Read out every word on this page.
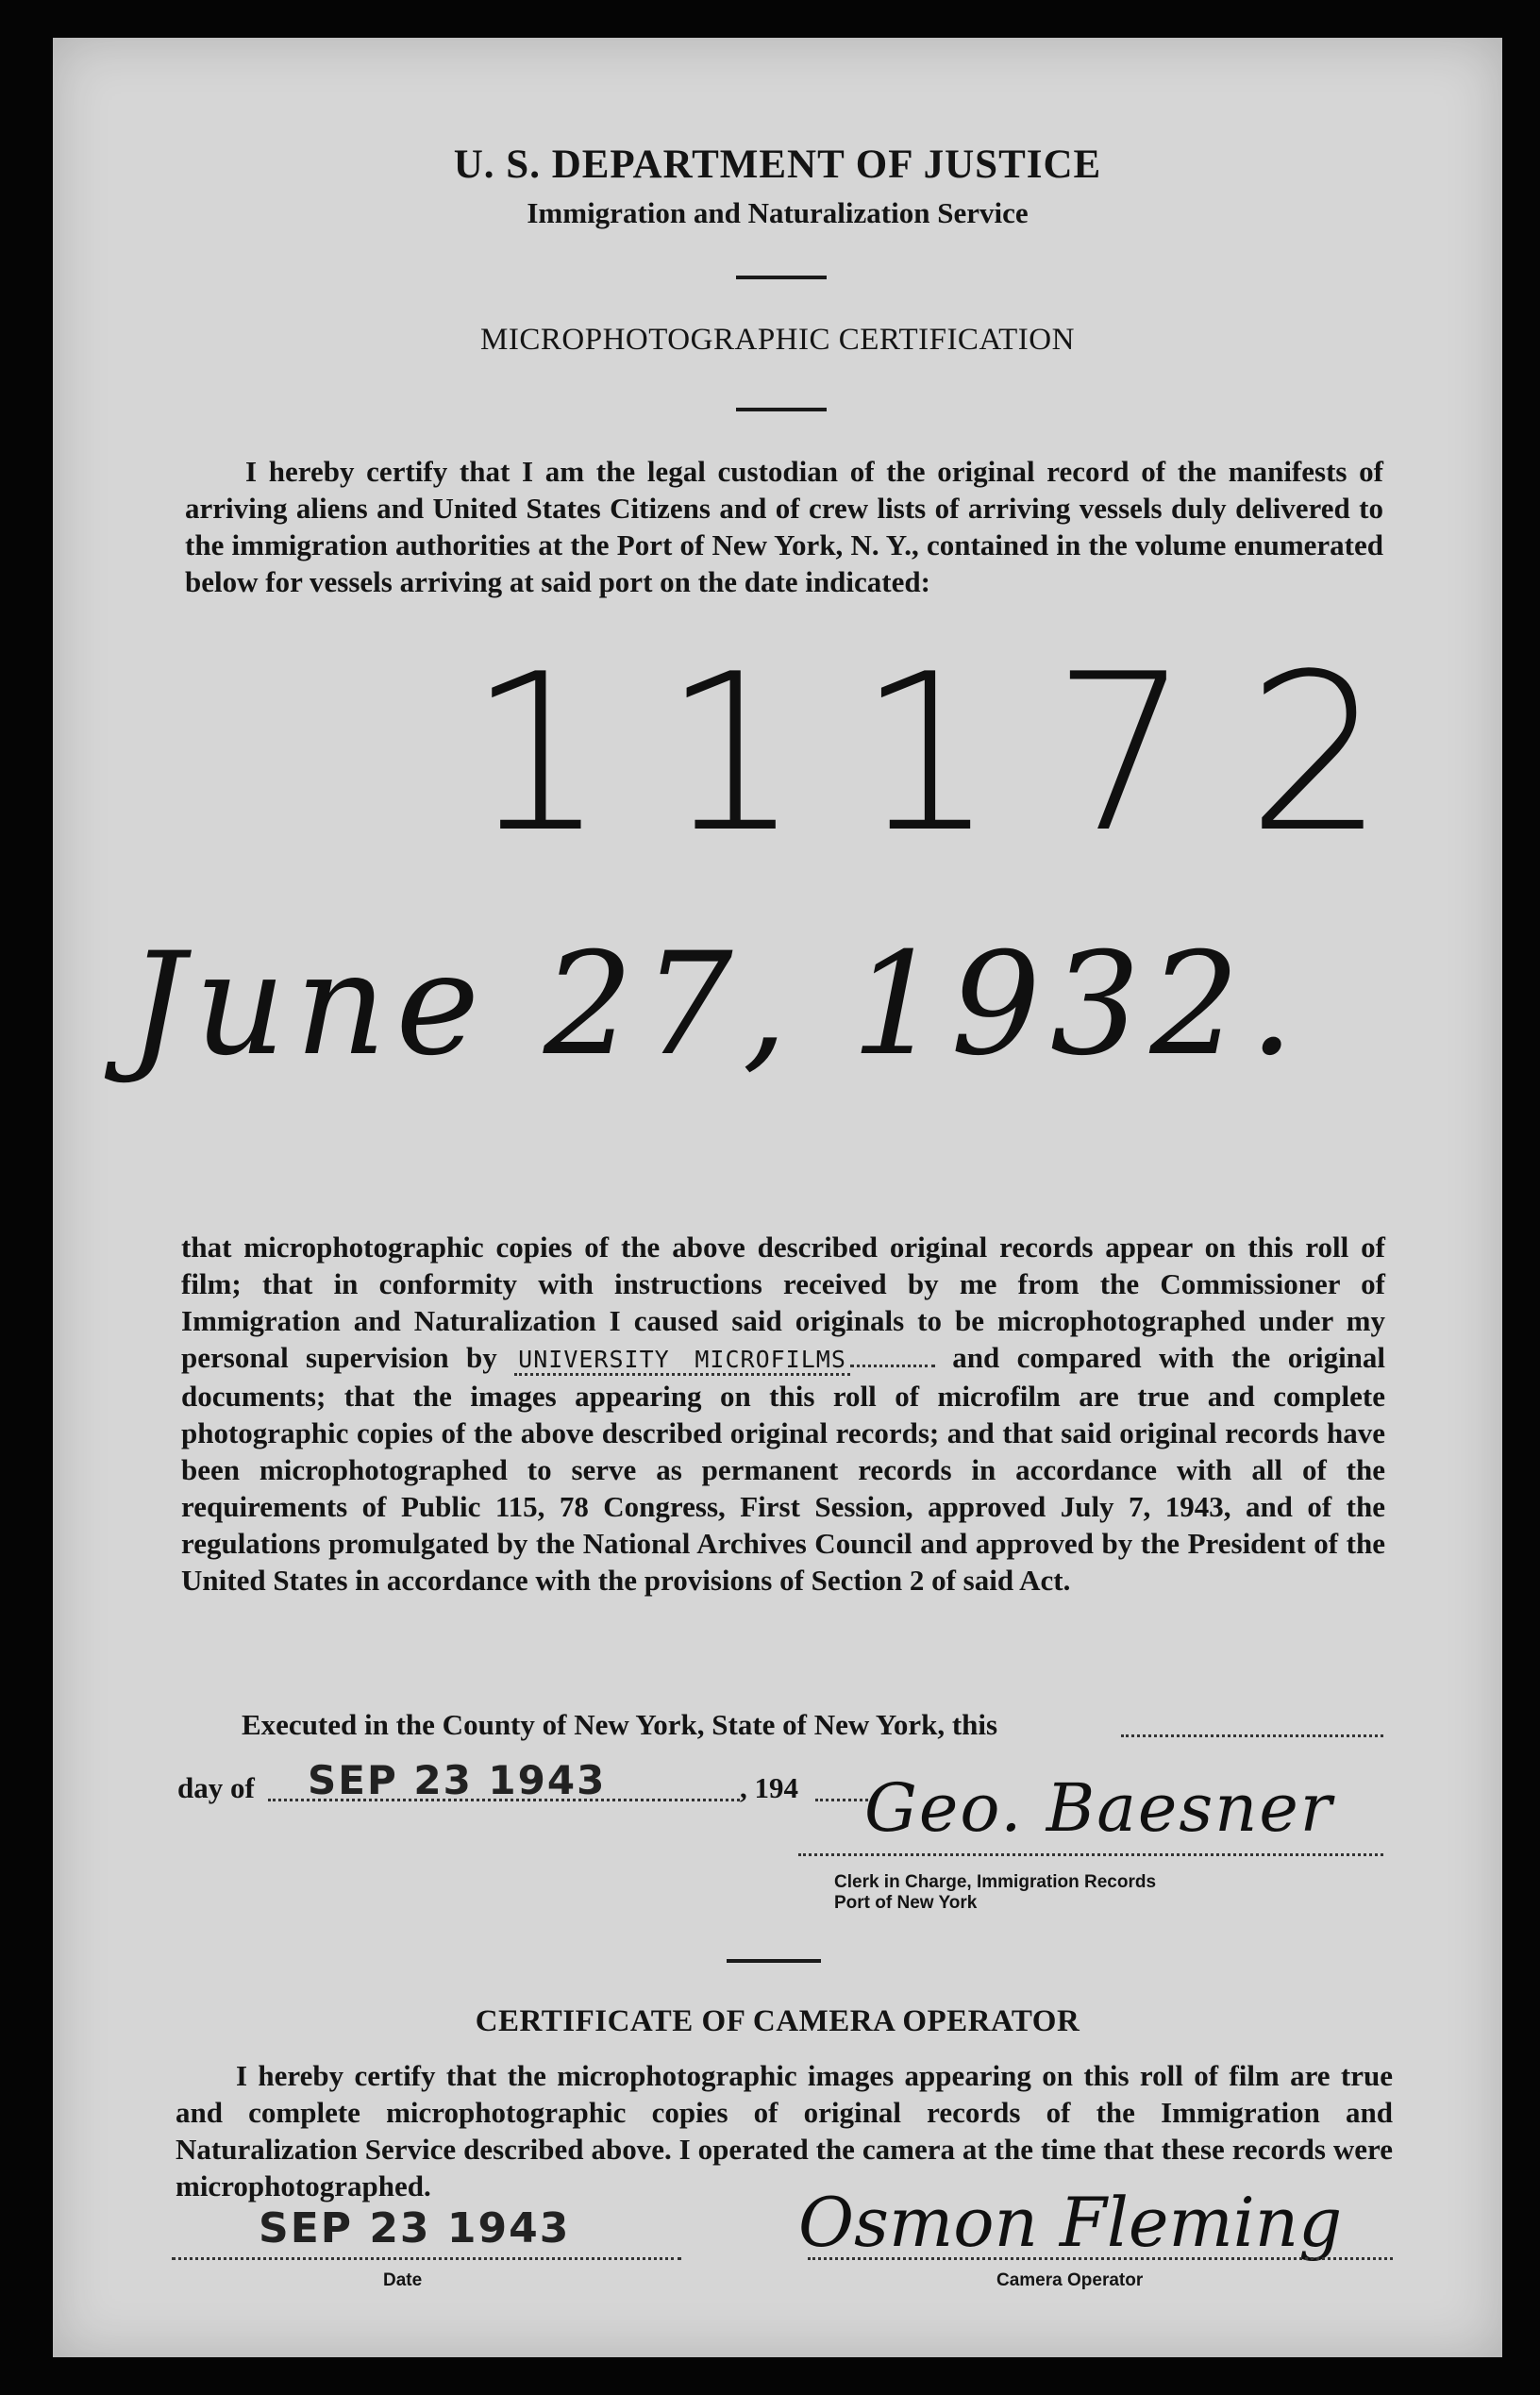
U. S. DEPARTMENT OF JUSTICE
Immigration and Naturalization Service
MICROPHOTOGRAPHIC CERTIFICATION

I hereby certify that I am the legal custodian of the original record of the manifests of arriving aliens and United States Citizens and of crew lists of arriving vessels duly delivered to the immigration authorities at the Port of New York, N. Y., contained in the volume enumerated below for vessels arriving at said port on the date indicated:

11172
June 27, 1932.
that microphotographic copies of the above described original records appear on this roll of film; that in conformity with instructions received by me from the Commissioner of Immigration and Naturalization I caused said originals to be microphotographed under my personal supervision by UNIVERSITY MICROFILMS	and compared with the original documents; that the images appearing on this roll of microfilm are true and complete photographic copies of the above described original records; and that said original records have been microphotographed to serve as permanent records in accordance with all of the requirements of Public 115, 78 Congress, First Session, approved July 7, 1943, and of the regulations promulgated by the National Archives Council and approved by the President of the United States in accordance with the provisions of Section 2 of said Act.
Executed in the County of New York, State of New York, this
day of SEP 23 1943	, 194 Geo. Baesner
Clerk in Charge, Immigration Records
Port of New York
CERTIFICATE OF CAMERA OPERATOR

I hereby certify that the microphotographic images appearing on this roll of film are true and complete microphotographic copies of original records of the Immigration and Naturalization Service described above. I operated the camera at the time that these records were microphotographed.

SEP 23 1943
Date
Osmon Fleming
Camera Operator
